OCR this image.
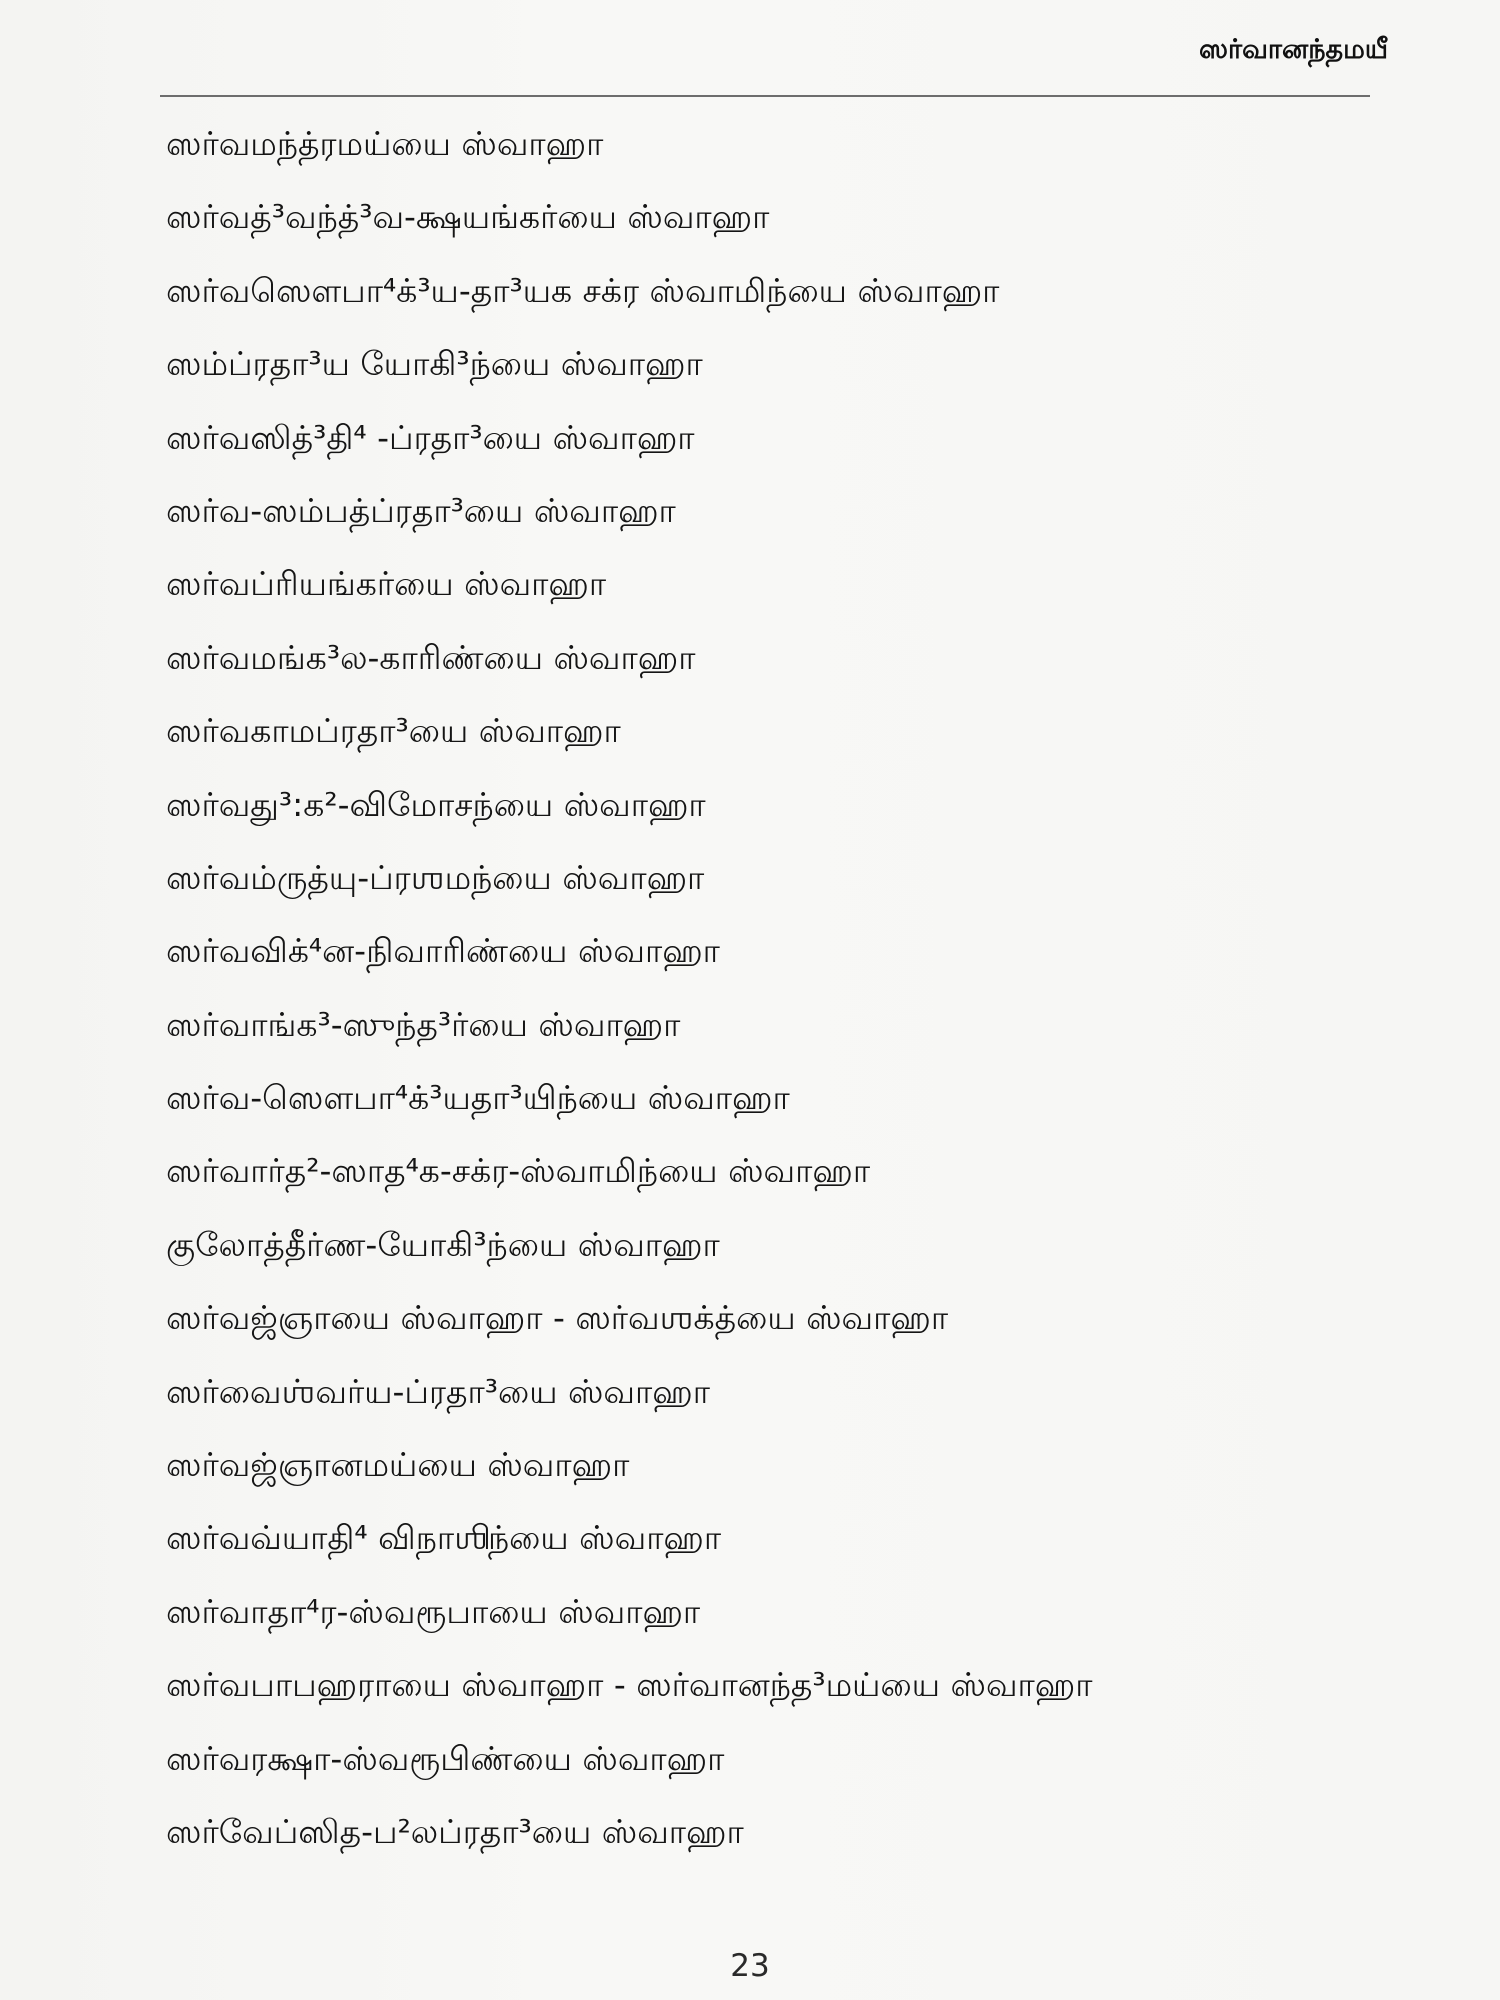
ஸர்வானந்தமயீ
ஸர்வமந்த்ரமய்யை ஸ்வாஹா
ஸர்வத்³வந்த்³வ-க்ஷயங்கர்யை ஸ்வாஹா
ஸர்வஸௌபா⁴க்³ய-தா³யக சக்ர ஸ்வாமிந்யை ஸ்வாஹா
ஸம்ப்ரதா³ய யோகி³ந்யை ஸ்வாஹா
ஸர்வஸித்³தி⁴ -ப்ரதா³யை ஸ்வாஹா
ஸர்வ-ஸம்பத்ப்ரதா³யை ஸ்வாஹா
ஸர்வப்ரியங்கர்யை ஸ்வாஹா
ஸர்வமங்க³ல-காரிண்யை ஸ்வாஹா
ஸர்வகாமப்ரதா³யை ஸ்வாஹா
ஸர்வது³:க²-விமோசந்யை ஸ்வாஹா
ஸர்வம்ருத்யு-ப்ரஶமந்யை ஸ்வாஹா
ஸர்வவிக்⁴ன-நிவாரிண்யை ஸ்வாஹா
ஸர்வாங்க³-ஸுந்த³ர்யை ஸ்வாஹா
ஸர்வ-ஸௌபா⁴க்³யதா³யிந்யை ஸ்வாஹா
ஸர்வார்த²-ஸாத⁴க-சக்ர-ஸ்வாமிந்யை ஸ்வாஹா
குலோத்தீர்ண-யோகி³ந்யை ஸ்வாஹா
ஸர்வஜ்ஞாயை ஸ்வாஹா - ஸர்வஶக்த்யை ஸ்வாஹா
ஸர்வைஶ்வர்ய-ப்ரதா³யை ஸ்வாஹா
ஸர்வஜ்ஞானமய்யை ஸ்வாஹா
ஸர்வவ்யாதி⁴ விநாஶிந்யை ஸ்வாஹா
ஸர்வாதா⁴ர-ஸ்வரூபாயை ஸ்வாஹா
ஸர்வபாபஹராயை ஸ்வாஹா - ஸர்வானந்த³மய்யை ஸ்வாஹா
ஸர்வரக்ஷா-ஸ்வரூபிண்யை ஸ்வாஹா
ஸர்வேப்ஸித-ப²லப்ரதா³யை ஸ்வாஹா
23
